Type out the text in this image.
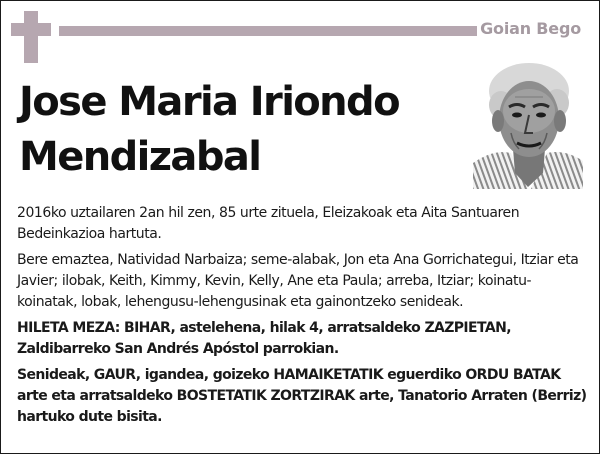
Goian Bego
Jose Maria Iriondo
Mendizabal

2016ko uztailaren 2an hil zen, 85 urte zituela, Eleizakoak eta Aita Santuaren Bedeinkazioa hartuta.

Bere emaztea, Natividad Narbaiza; seme-alabak, Jon eta Ana Gorrichategui, Itziar eta Javier; ilobak, Keith, Kimmy, Kevin, Kelly, Ane eta Paula; arreba, Itziar; koinatu-koinatak, lobak, lehengusu-lehengusinak eta gainontzeko senideak.

HILETA MEZA: BIHAR, astelehena, hilak 4, arratsaldeko ZAZPIETAN, Zaldibarreko San Andrés Apóstol parrokian.

Senideak, GAUR, igandea, goizeko HAMAIKETATIK eguerdiko ORDU BATAK arte eta arratsaldeko BOSTETATIK ZORTZIRAK arte, Tanatorio Arraten (Berriz) hartuko dute bisita.
